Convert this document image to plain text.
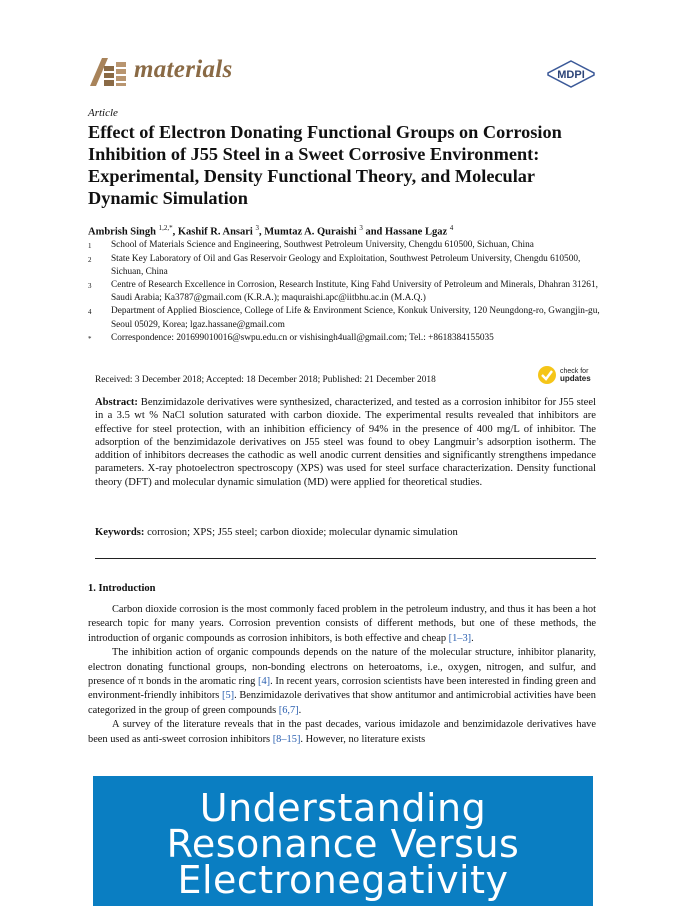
materials	MDPI
Article
Effect of Electron Donating Functional Groups on Corrosion Inhibition of J55 Steel in a Sweet Corrosive Environment: Experimental, Density Functional Theory, and Molecular Dynamic Simulation
Ambrish Singh $^{1,2,*}$, Kashif R. Ansari $^3$, Mumtaz A. Quraishi $^3$ and Hassane Lgaz $^4$
1	School of Materials Science and Engineering, Southwest Petroleum University, Chengdu 610500, Sichuan, China
2	State Key Laboratory of Oil and Gas Reservoir Geology and Exploitation, Southwest Petroleum University, Chengdu 610500, Sichuan, China
3	Centre of Research Excellence in Corrosion, Research Institute, King Fahd University of Petroleum and Minerals, Dhahran 31261, Saudi Arabia; Ka3787@gmail.com (K.R.A.); maquraishi.apc@iitbhu.ac.in (M.A.Q.)
4	Department of Applied Bioscience, College of Life & Environment Science, Konkuk University, 120 Neungdong-ro, Gwangjin-gu, Seoul 05029, Korea; lgaz.hassane@gmail.com
*	Correspondence: 201699010016@swpu.edu.cn or vishisingh4uall@gmail.com; Tel.: +8618384155035
Received: 3 December 2018; Accepted: 18 December 2018; Published: 21 December 2018
check for
updates
Abstract: Benzimidazole derivatives were synthesized, characterized, and tested as a corrosion inhibitor for J55 steel in a 3.5 wt % NaCl solution saturated with carbon dioxide. The experimental results revealed that inhibitors are effective for steel protection, with an inhibition efficiency of 94% in the presence of 400 mg/L of inhibitor. The adsorption of the benzimidazole derivatives on J55 steel was found to obey Langmuir’s adsorption isotherm. The addition of inhibitors decreases the cathodic as well anodic current densities and significantly strengthens impedance parameters. X-ray photoelectron spectroscopy (XPS) was used for steel surface characterization. Density functional theory (DFT) and molecular dynamic simulation (MD) were applied for theoretical studies.
Keywords: corrosion; XPS; J55 steel; carbon dioxide; molecular dynamic simulation
1. Introduction

Carbon dioxide corrosion is the most commonly faced problem in the petroleum industry, and thus it has been a hot research topic for many years. Corrosion prevention consists of different methods, but one of these methods, the introduction of organic compounds as corrosion inhibitors, is both effective and cheap [1–3].

The inhibition action of organic compounds depends on the nature of the molecular structure, inhibitor planarity, electron donating functional groups, non-bonding electrons on heteroatoms, i.e., oxygen, nitrogen, and sulfur, and presence of π bonds in the aromatic ring [4]. In recent years, corrosion scientists have been interested in finding green and environment-friendly inhibitors [5]. Benzimidazole derivatives that show antitumor and antimicrobial activities have been categorized in the group of green compounds [6,7].

A survey of the literature reveals that in the past decades, various imidazole and benzimidazole derivatives have been used as anti-sweet corrosion inhibitors [8–15]. However, no literature exists

Understanding Resonance Versus Electronegativity
